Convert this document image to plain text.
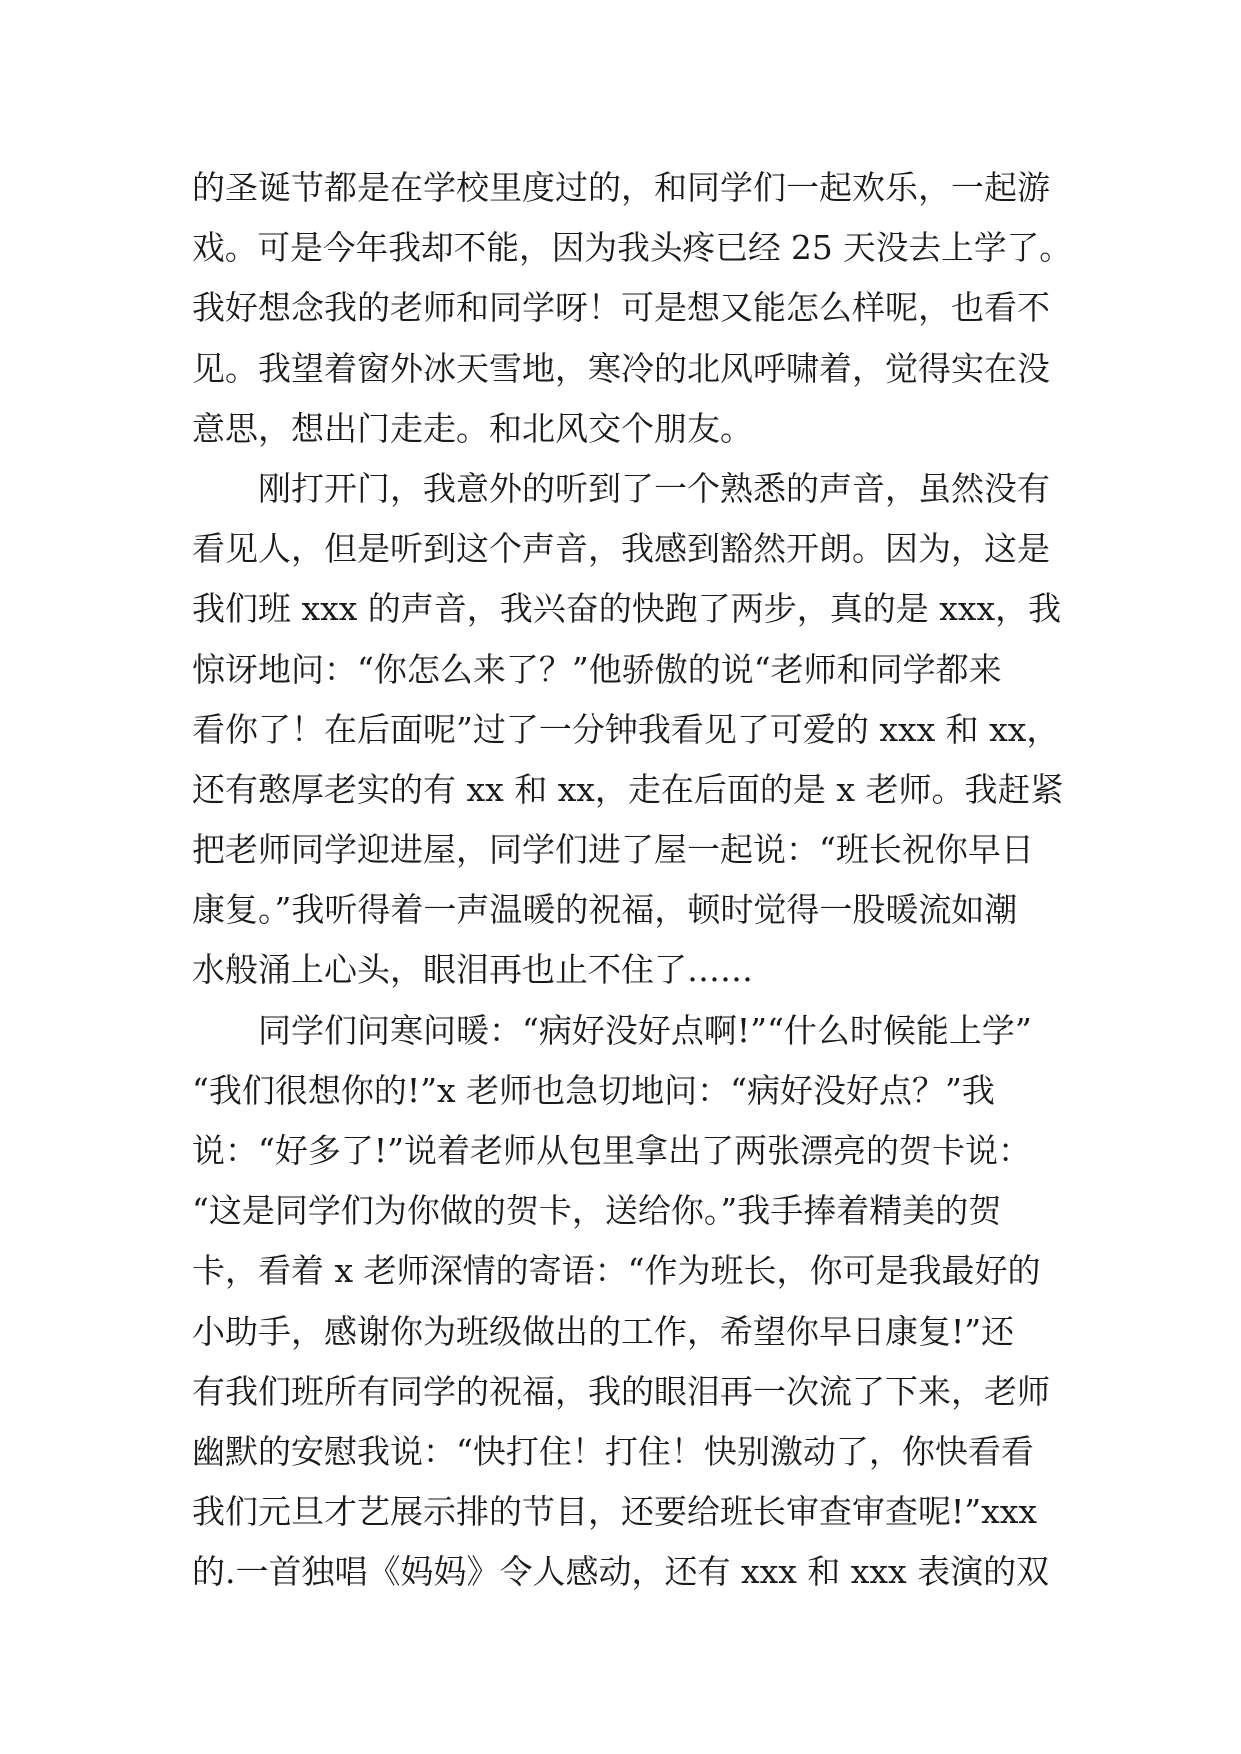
的圣诞节都是在学校里度过的，和同学们一起欢乐，一起游
戏。可是今年我却不能，因为我头疼已经 25 天没去上学了。
我好想念我的老师和同学呀！可是想又能怎么样呢，也看不
见。我望着窗外冰天雪地，寒冷的北风呼啸着，觉得实在没
意思，想出门走走。和北风交个朋友。
刚打开门，我意外的听到了一个熟悉的声音，虽然没有
看见人，但是听到这个声音，我感到豁然开朗。因为，这是
我们班 xxx 的声音，我兴奋的快跑了两步，真的是 xxx，我
惊讶地问：“你怎么来了？”他骄傲的说“老师和同学都来
看你了！在后面呢”过了一分钟我看见了可爱的 xxx 和 xx，
还有憨厚老实的有 xx 和 xx，走在后面的是 x 老师。我赶紧
把老师同学迎进屋，同学们进了屋一起说：“班长祝你早日
康复。”我听得着一声温暖的祝福，顿时觉得一股暖流如潮
水般涌上心头，眼泪再也止不住了……
同学们问寒问暖：“病好没好点啊!”“什么时候能上学”
“我们很想你的!”x 老师也急切地问：“病好没好点？”我
说：“好多了!”说着老师从包里拿出了两张漂亮的贺卡说：
“这是同学们为你做的贺卡，送给你。”我手捧着精美的贺
卡，看着 x 老师深情的寄语：“作为班长，你可是我最好的
小助手，感谢你为班级做出的工作，希望你早日康复!”还
有我们班所有同学的祝福，我的眼泪再一次流了下来，老师
幽默的安慰我说：“快打住！打住！快别激动了，你快看看
我们元旦才艺展示排的节目，还要给班长审查审查呢!”xxx
的.一首独唱《妈妈》令人感动，还有 xxx 和 xxx 表演的双
